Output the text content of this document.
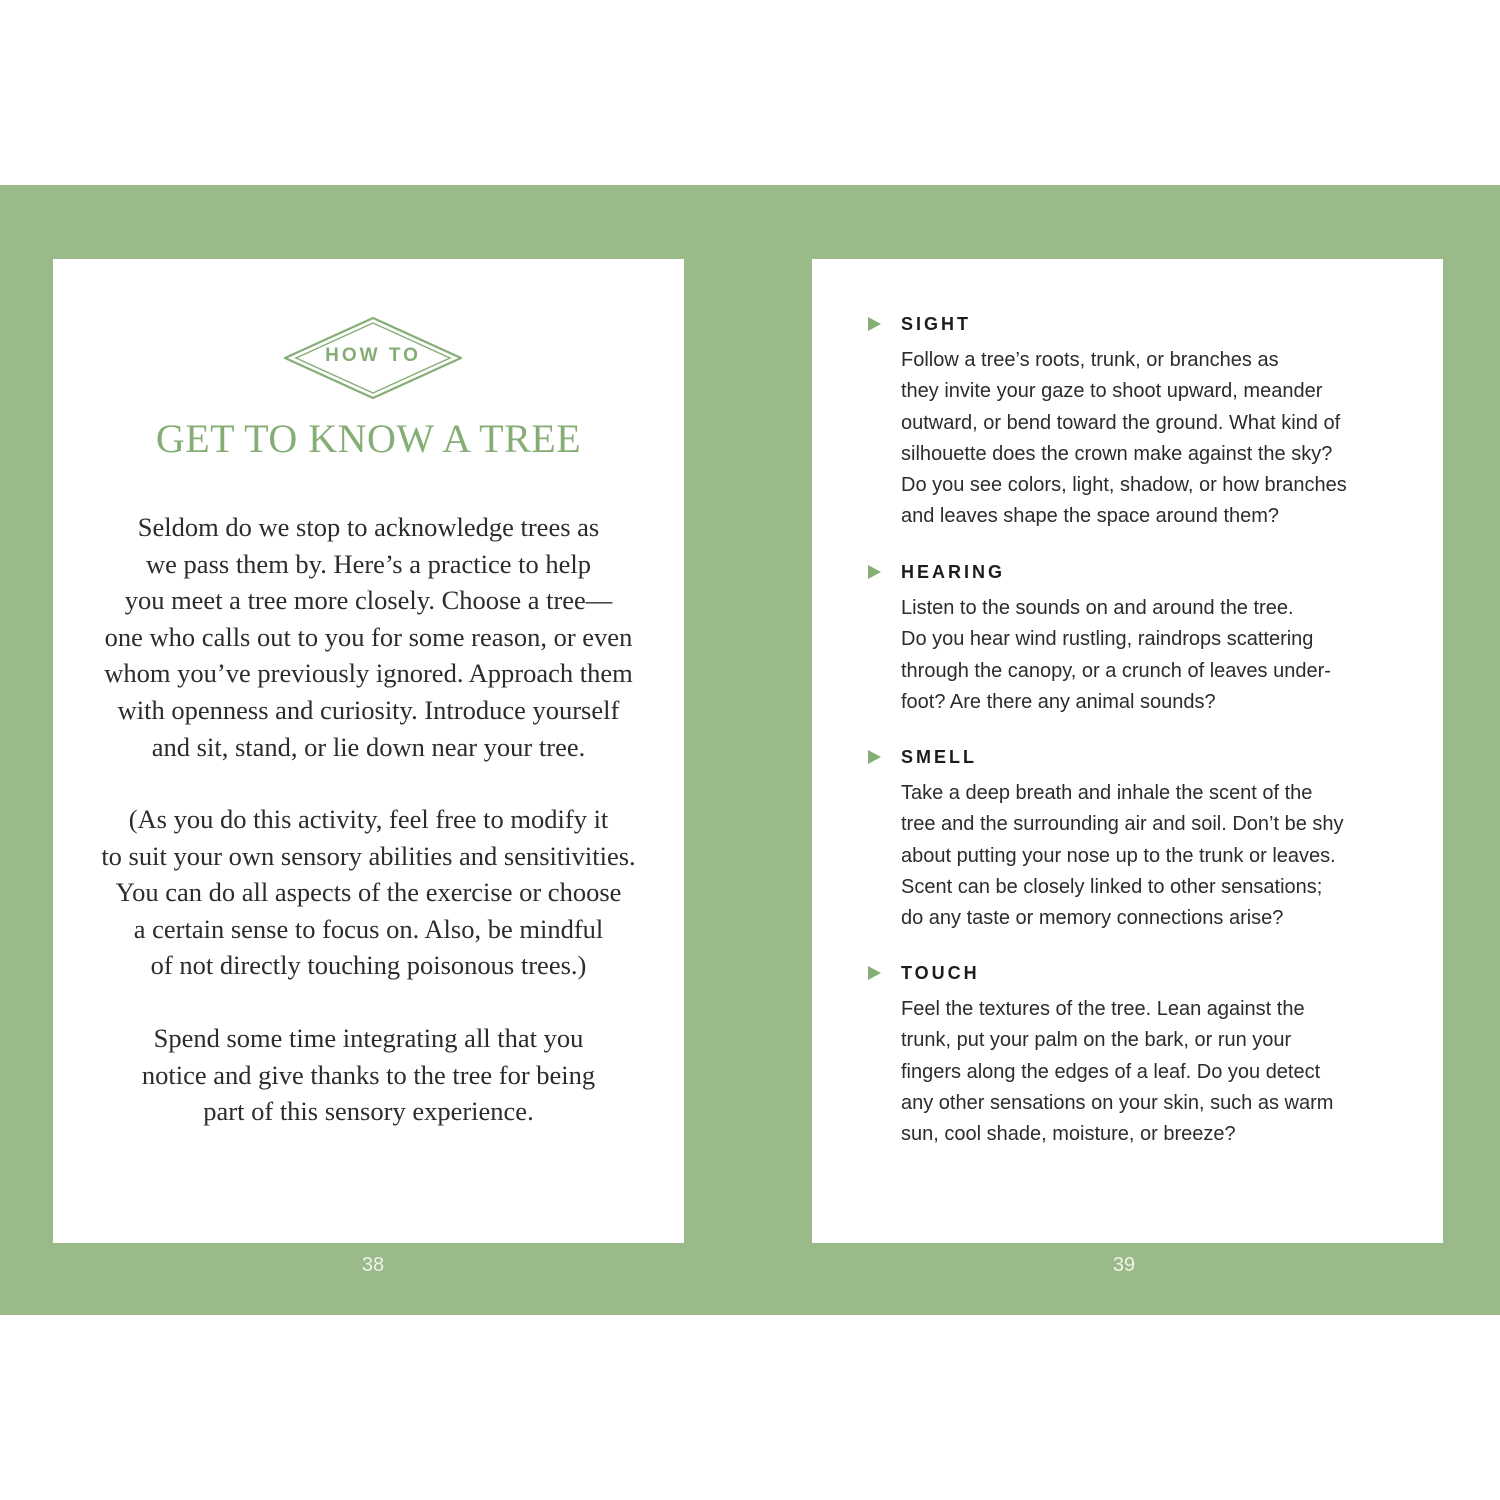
HOW TO
GET TO KNOW A TREE

Seldom do we stop to acknowledge trees as
we pass them by. Here’s a practice to help
you meet a tree more closely. Choose a tree—
one who calls out to you for some reason, or even
whom you’ve previously ignored. Approach them
with openness and curiosity. Introduce yourself
and sit, stand, or lie down near your tree.

(As you do this activity, feel free to modify it
to suit your own sensory abilities and sensitivities.
You can do all aspects of the exercise or choose
a certain sense to focus on. Also, be mindful
of not directly touching poisonous trees.)

Spend some time integrating all that you
notice and give thanks to the tree for being
part of this sensory experience.

SIGHT

Follow a tree’s roots, trunk, or branches as
they invite your gaze to shoot upward, meander
outward, or bend toward the ground. What kind of
silhouette does the crown make against the sky?
Do you see colors, light, shadow, or how branches
and leaves shape the space around them?

HEARING

Listen to the sounds on and around the tree.
Do you hear wind rustling, raindrops scattering
through the canopy, or a crunch of leaves under-
foot? Are there any animal sounds?

SMELL

Take a deep breath and inhale the scent of the
tree and the surrounding air and soil. Don’t be shy
about putting your nose up to the trunk or leaves.
Scent can be closely linked to other sensations;
do any taste or memory connections arise?

TOUCH

Feel the textures of the tree. Lean against the
trunk, put your palm on the bark, or run your
fingers along the edges of a leaf. Do you detect
any other sensations on your skin, such as warm
sun, cool shade, moisture, or breeze?

38	39
